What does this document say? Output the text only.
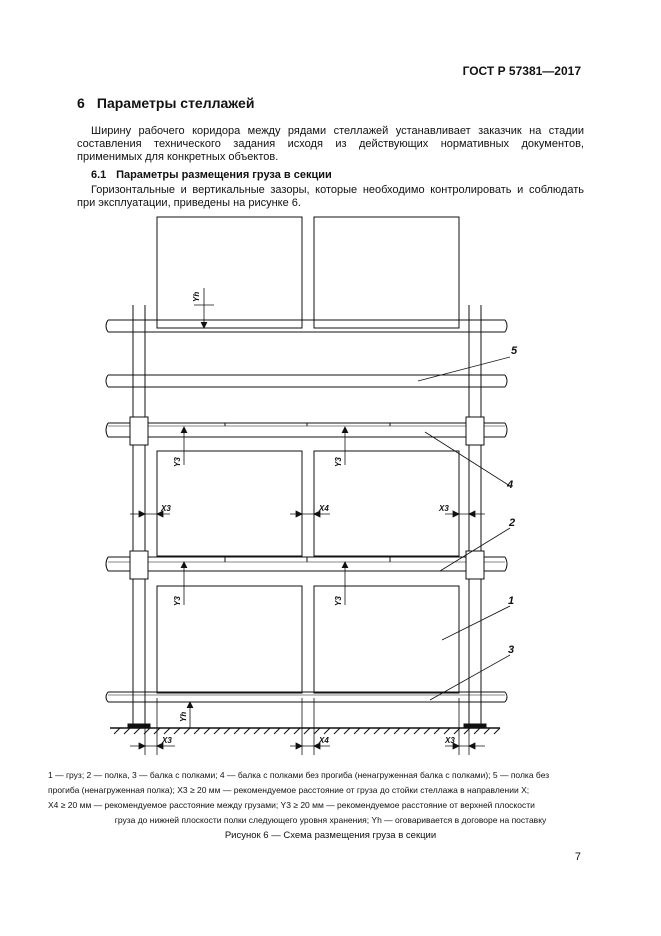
ГОСТ Р 57381—2017
6 Параметры стеллажей
Ширину рабочего коридора между рядами стеллажей устанавливает заказчик на стадии составления технического задания исходя из действующих нормативных документов, применимых для конкретных объектов.
6.1 Параметры размещения груза в секции
Горизонтальные и вертикальные зазоры, которые необходимо контролировать и соблюдать при эксплуатации, приведены на рисунке 6.
5
4
2
1
3
Yh
Y3	Y3
Y3	Y3
Yh
X3	X4	X3
X3	X4	X3
1 — груз; 2 — полка, 3 — балка с полками; 4 — балка с полками без прогиба (ненагруженная балка с полками); 5 — полка без
прогиба (ненагруженная полка); X3 ≥ 20 мм — рекомендуемое расстояние от груза до стойки стеллажа в направлении X;
X4 ≥ 20 мм — рекомендуемое расстояние между грузами; Y3 ≥ 20 мм — рекомендуемое расстояние от верхней плоскости
груза до нижней плоскости полки следующего уровня хранения; Yh — оговаривается в договоре на поставку
Рисунок 6 — Схема размещения груза в секции
7
